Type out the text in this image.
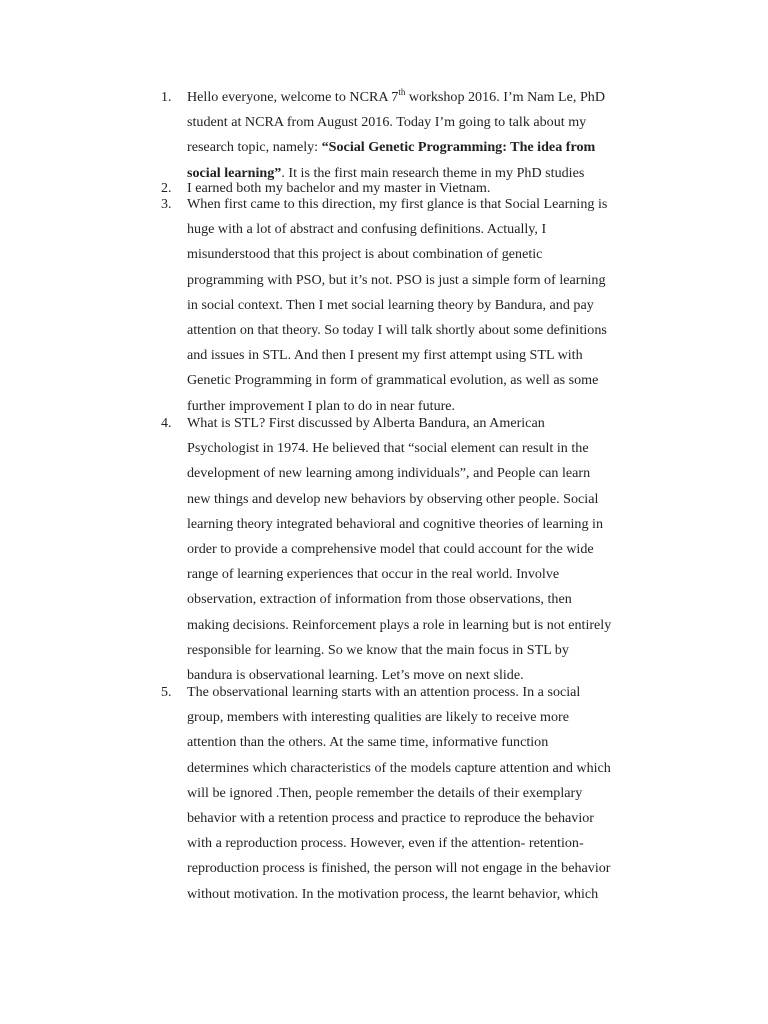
1. Hello everyone, welcome to NCRA 7th workshop 2016. I’m Nam Le, PhD
student at NCRA from August 2016. Today I’m going to talk about my
research topic, namely: “Social Genetic Programming: The idea from
social learning”. It is the first main research theme in my PhD studies
2. I earned both my bachelor and my master in Vietnam.
3. When first came to this direction, my first glance is that Social Learning is
huge with a lot of abstract and confusing definitions. Actually, I
misunderstood that this project is about combination of genetic
programming with PSO, but it’s not. PSO is just a simple form of learning
in social context. Then I met social learning theory by Bandura, and pay
attention on that theory. So today I will talk shortly about some definitions
and issues in STL. And then I present my first attempt using STL with
Genetic Programming in form of grammatical evolution, as well as some
further improvement I plan to do in near future.
4. What is STL? First discussed by Alberta Bandura, an American
Psychologist in 1974. He believed that “social element can result in the
development of new learning among individuals”, and People can learn
new things and develop new behaviors by observing other people. Social
learning theory integrated behavioral and cognitive theories of learning in
order to provide a comprehensive model that could account for the wide
range of learning experiences that occur in the real world. Involve
observation, extraction of information from those observations, then
making decisions. Reinforcement plays a role in learning but is not entirely
responsible for learning. So we know that the main focus in STL by
bandura is observational learning. Let’s move on next slide.
5. The observational learning starts with an attention process. In a social
group, members with interesting qualities are likely to receive more
attention than the others. At the same time, informative function
determines which characteristics of the models capture attention and which
will be ignored .Then, people remember the details of their exemplary
behavior with a retention process and practice to reproduce the behavior
with a reproduction process. However, even if the attention- retention-
reproduction process is finished, the person will not engage in the behavior
without motivation. In the motivation process, the learnt behavior, which
